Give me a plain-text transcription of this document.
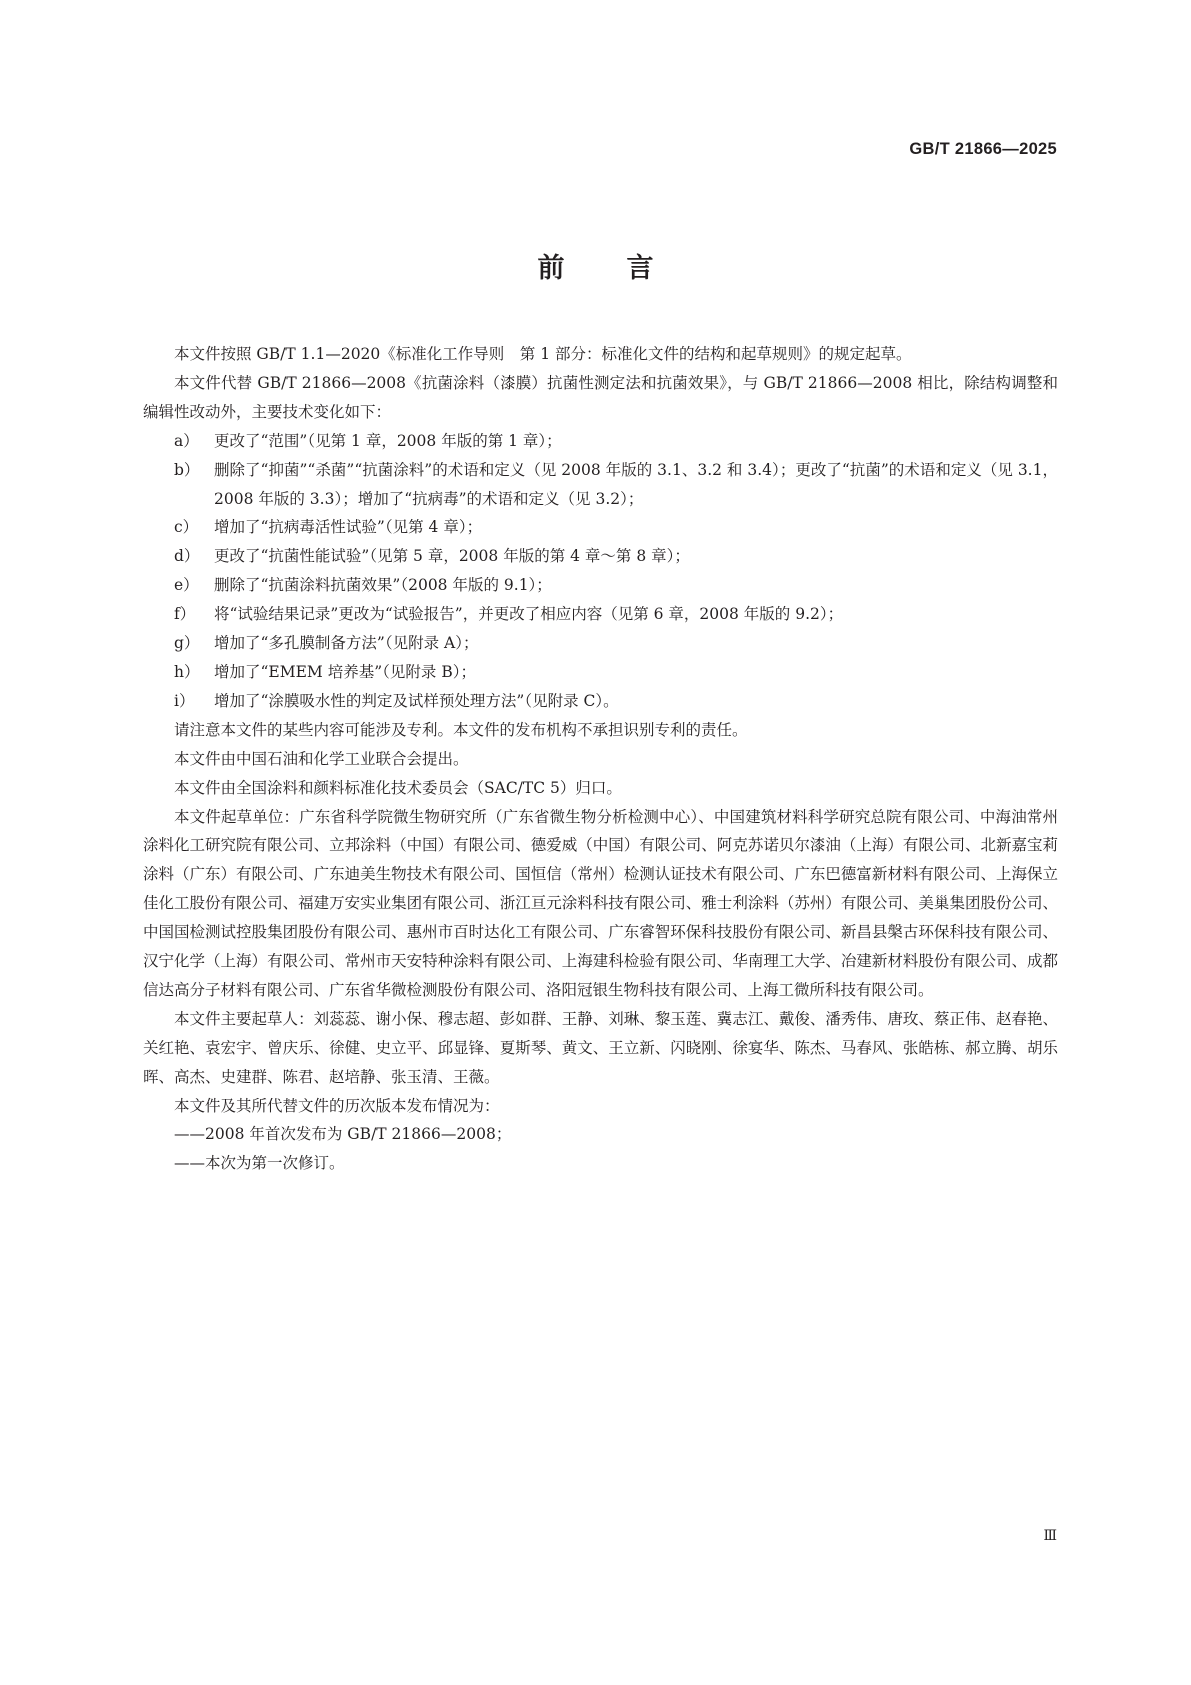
GB/T 21866—2025
前 言

本文件按照 GB/T 1.1—2020《标准化工作导则　第 1 部分：标准化文件的结构和起草规则》的规定起草。

本文件代替 GB/T 21866—2008《抗菌涂料（漆膜）抗菌性测定法和抗菌效果》，与 GB/T 21866—2008 相比，除结构调整和编辑性改动外，主要技术变化如下：

a） 更改了“范围”（见第 1 章，2008 年版的第 1 章）；
b） 删除了“抑菌”“杀菌”“抗菌涂料”的术语和定义（见 2008 年版的 3.1、3.2 和 3.4）；更改了“抗菌”的术语和定义（见 3.1，2008 年版的 3.3）；增加了“抗病毒”的术语和定义（见 3.2）；
c）	增加了“抗病毒活性试验”（见第 4 章）；
d） 更改了“抗菌性能试验”（见第 5 章，2008 年版的第 4 章～第 8 章）；
e） 删除了“抗菌涂料抗菌效果”（2008 年版的 9.1）；
f）	将“试验结果记录”更改为“试验报告”，并更改了相应内容（见第 6 章，2008 年版的 9.2）；
g） 增加了“多孔膜制备方法”（见附录 A）；
h） 增加了“EMEM 培养基”（见附录 B）；
i）	增加了“涂膜吸水性的判定及试样预处理方法”（见附录 C）。

请注意本文件的某些内容可能涉及专利。本文件的发布机构不承担识别专利的责任。

本文件由中国石油和化学工业联合会提出。

本文件由全国涂料和颜料标准化技术委员会（SAC/TC 5）归口。

本文件起草单位：广东省科学院微生物研究所（广东省微生物分析检测中心）、中国建筑材料科学研究总院有限公司、中海油常州涂料化工研究院有限公司、立邦涂料（中国）有限公司、德爱威（中国）有限公司、阿克苏诺贝尔漆油（上海）有限公司、北新嘉宝莉涂料（广东）有限公司、广东迪美生物技术有限公司、国恒信（常州）检测认证技术有限公司、广东巴德富新材料有限公司、上海保立佳化工股份有限公司、福建万安实业集团有限公司、浙江亘元涂料科技有限公司、雅士利涂料（苏州）有限公司、美巢集团股份公司、中国国检测试控股集团股份有限公司、惠州市百时达化工有限公司、广东睿智环保科技股份有限公司、新昌县槃古环保科技有限公司、汉宁化学（上海）有限公司、常州市天安特种涂料有限公司、上海建科检验有限公司、华南理工大学、冶建新材料股份有限公司、成都信达高分子材料有限公司、广东省华微检测股份有限公司、洛阳冠银生物科技有限公司、上海工微所科技有限公司。

本文件主要起草人：刘蕊蕊、谢小保、穆志超、彭如群、王静、刘琳、黎玉莲、冀志江、戴俊、潘秀伟、唐玫、蔡正伟、赵春艳、关红艳、袁宏宇、曾庆乐、徐健、史立平、邱显锋、夏斯琴、黄文、王立新、闪晓刚、徐宴华、陈杰、马春风、张皓栋、郝立腾、胡乐晖、高杰、史建群、陈君、赵培静、张玉清、王薇。

本文件及其所代替文件的历次版本发布情况为：

——2008 年首次发布为 GB/T 21866—2008；
——本次为第一次修订。
Ⅲ
